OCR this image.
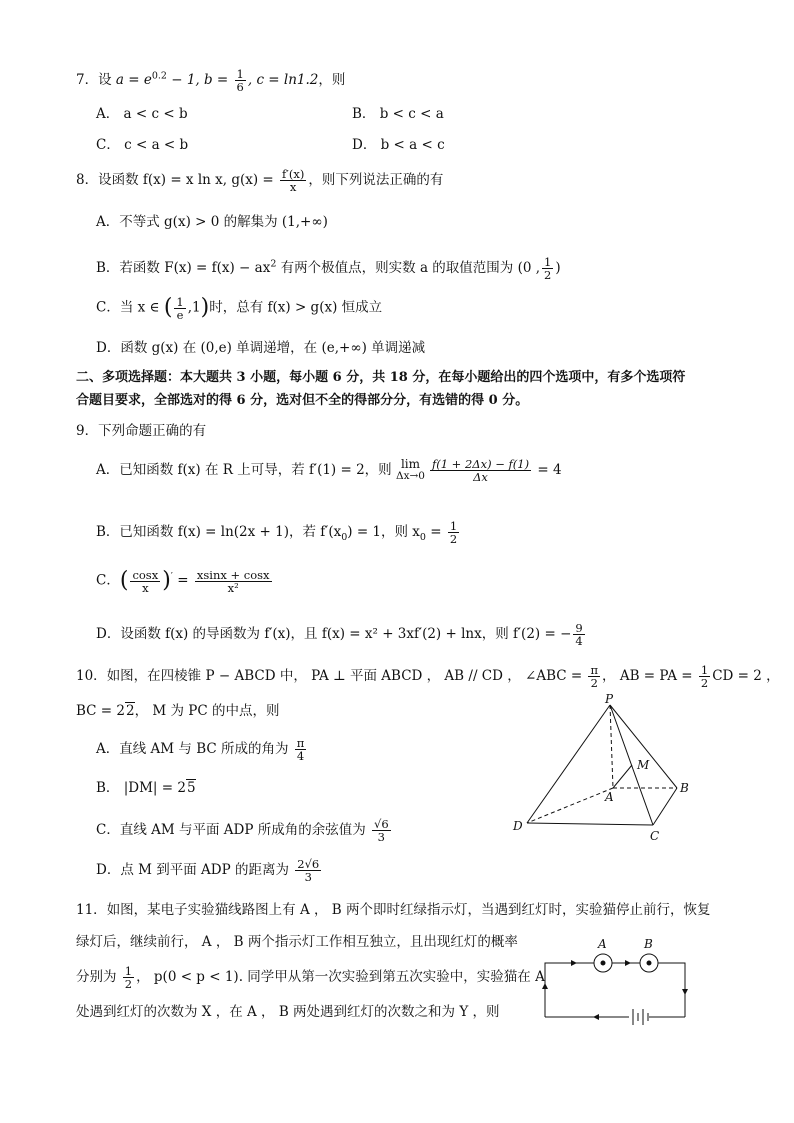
7．设 $a = e^{0.2} - 1$, $b = \frac{1}{6}$ , c = ln1.2，则
A． a < c < b	B． b < c < a
C． c < a < b	D． b < a < c
8．设函数 f(x) = x ln x, $g(x) = \frac{f'(x)}{x}$ ，则下列说法正确的有
A．不等式 g(x) > 0 的解集为 (1,+∞)
B．若函数 $F(x) = f(x) - ax^2$ 有两个极值点，则实数 a 的取值范围为 (0 , $\frac{1}{2}$ )
C．当 x ∈ ( $\frac{1}{e} ,1$)时，总有 f(x) > g(x) 恒成立
D．函数 g(x) 在 (0,e) 单调递增，在 (e,+∞) 单调递减
二、多项选择题：本大题共 3 小题，每小题 6 分，共 18 分，在每小题给出的四个选项中，有多个选项符
合题目要求，全部选对的得 6 分，选对但不全的得部分分，有选错的得 0 分。
9．下列命题正确的有
A．已知函数 f(x) 在 R 上可导，若 f′(1) = 2，则 lim
$\Delta x\to 0 \frac{f(1 + 2\Delta x) - f(1)}{\Delta x} = 4$
B．已知函数 f(x) = ln(2x + 1)，若 $f'(x_0) = 1$，则 $x_0 = \frac{1}{2}$
C．( $\frac{\cos x}{x} )' = \frac{xsinx + \cos x}{\text{x²}}$
D．设函数 f(x) 的导函数为 f′(x)，且 f(x) = x² + 3xf′(2) + lnx，则 f′(2) = − $\frac{9}{4}$
10．如图，在四棱锥 P − ABCD 中， PA ⊥ 平面 ABCD ， AB // CD ， ∠ABC = $\frac{\pi}{2}$ ， AB = PA = $\frac{1}{2}$ CD = 2 ，
BC = 22， M 为 PC 的中点，则
A．直线 AM 与 BC 所成的角为 $\frac{\pi}{4}$
B． |DM| = 25
C．直线 AM 与平面 ADP 所成角的余弦值为 $\frac{√6}{3}$
D．点 M 到平面 ADP 的距离为 $\frac{2√6}{3}$
P
M
A
B
D
C
11．如图，某电子实验猫线路图上有 A ， B 两个即时红绿指示灯，当遇到红灯时，实验猫停止前行，恢复
绿灯后，继续前行， A ， B 两个指示灯工作相互独立，且出现红灯的概率
分别为 $\frac{1}{2}$ ， p(0 < p < 1). 同学甲从第一次实验到第五次实验中，实验猫在 A
处遇到红灯的次数为 X ，在 A ， B 两处遇到红灯的次数之和为 Y ，则
A	B
